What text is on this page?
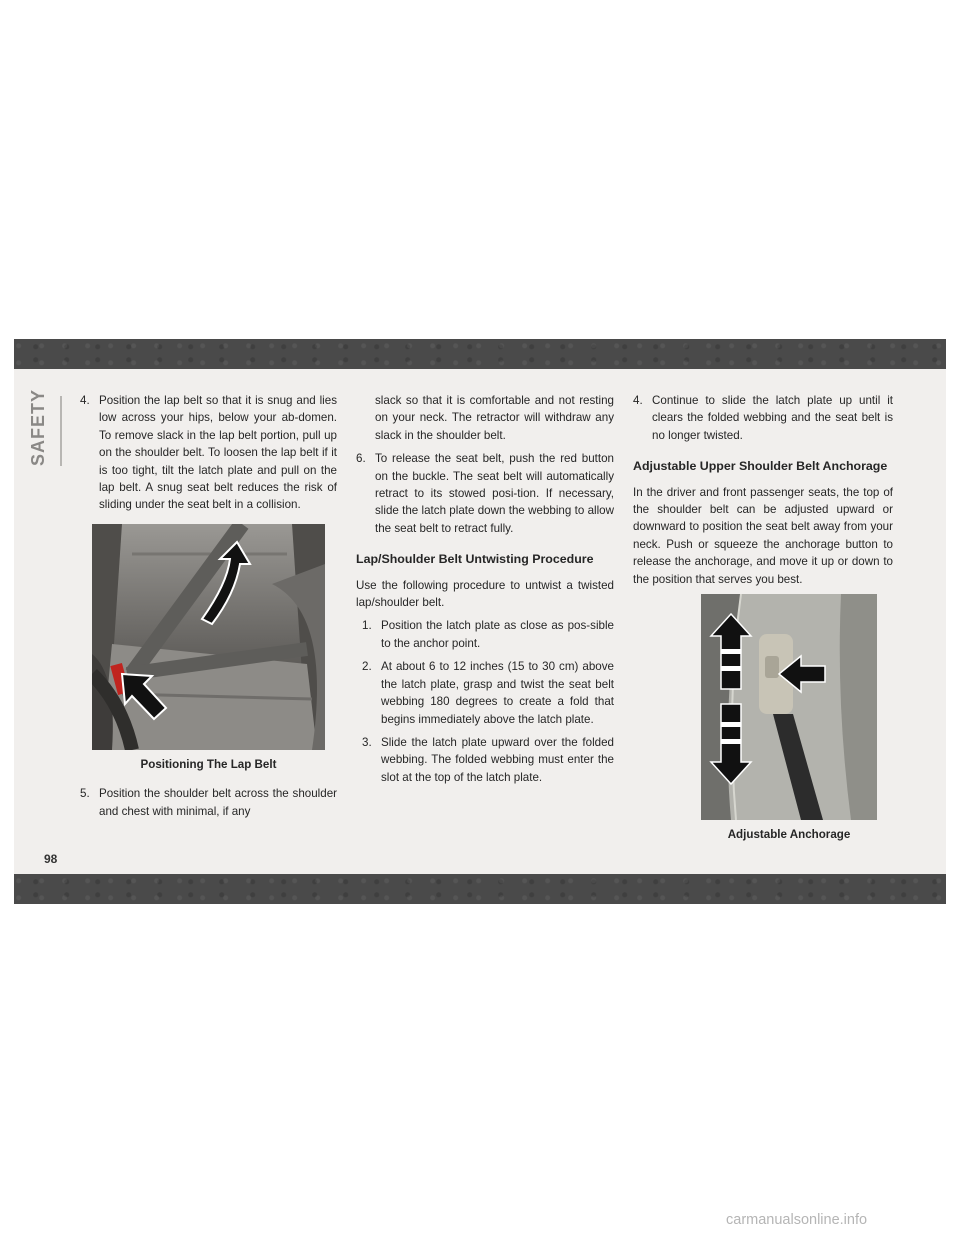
SAFETY	4. Position the lap belt so that it is snug and lies low across your hips, below your ab-domen. To remove slack in the lap belt portion, pull up on the shoulder belt. To loosen the lap belt if it is too tight, tilt the latch plate and pull on the lap belt. A snug seat belt reduces the risk of sliding under the seat belt in a collision.
Positioning The Lap Belt
5. Position the shoulder belt across the shoulder and chest with minimal, if any
slack so that it is comfortable and not resting on your neck. The retractor will withdraw any slack in the shoulder belt.
6. To release the seat belt, push the red button on the buckle. The seat belt will automatically retract to its stowed posi-tion. If necessary, slide the latch plate down the webbing to allow the seat belt to retract fully.
Lap/Shoulder Belt Untwisting Procedure
Use the following procedure to untwist a twisted lap/shoulder belt.
1. Position the latch plate as close as pos-sible to the anchor point.
2. At about 6 to 12 inches (15 to 30 cm) above the latch plate, grasp and twist the seat belt webbing 180 degrees to create a fold that begins immediately above the latch plate.
3. Slide the latch plate upward over the folded webbing. The folded webbing must enter the slot at the top of the latch plate.
4. Continue to slide the latch plate up until it clears the folded webbing and the seat belt is no longer twisted.
Adjustable Upper Shoulder Belt Anchorage
In the driver and front passenger seats, the top of the shoulder belt can be adjusted upward or downward to position the seat belt away from your neck. Push or squeeze the anchorage button to release the anchorage, and move it up or down to the position that serves you best.
Adjustable Anchorage
98
carmanualsonline.info
